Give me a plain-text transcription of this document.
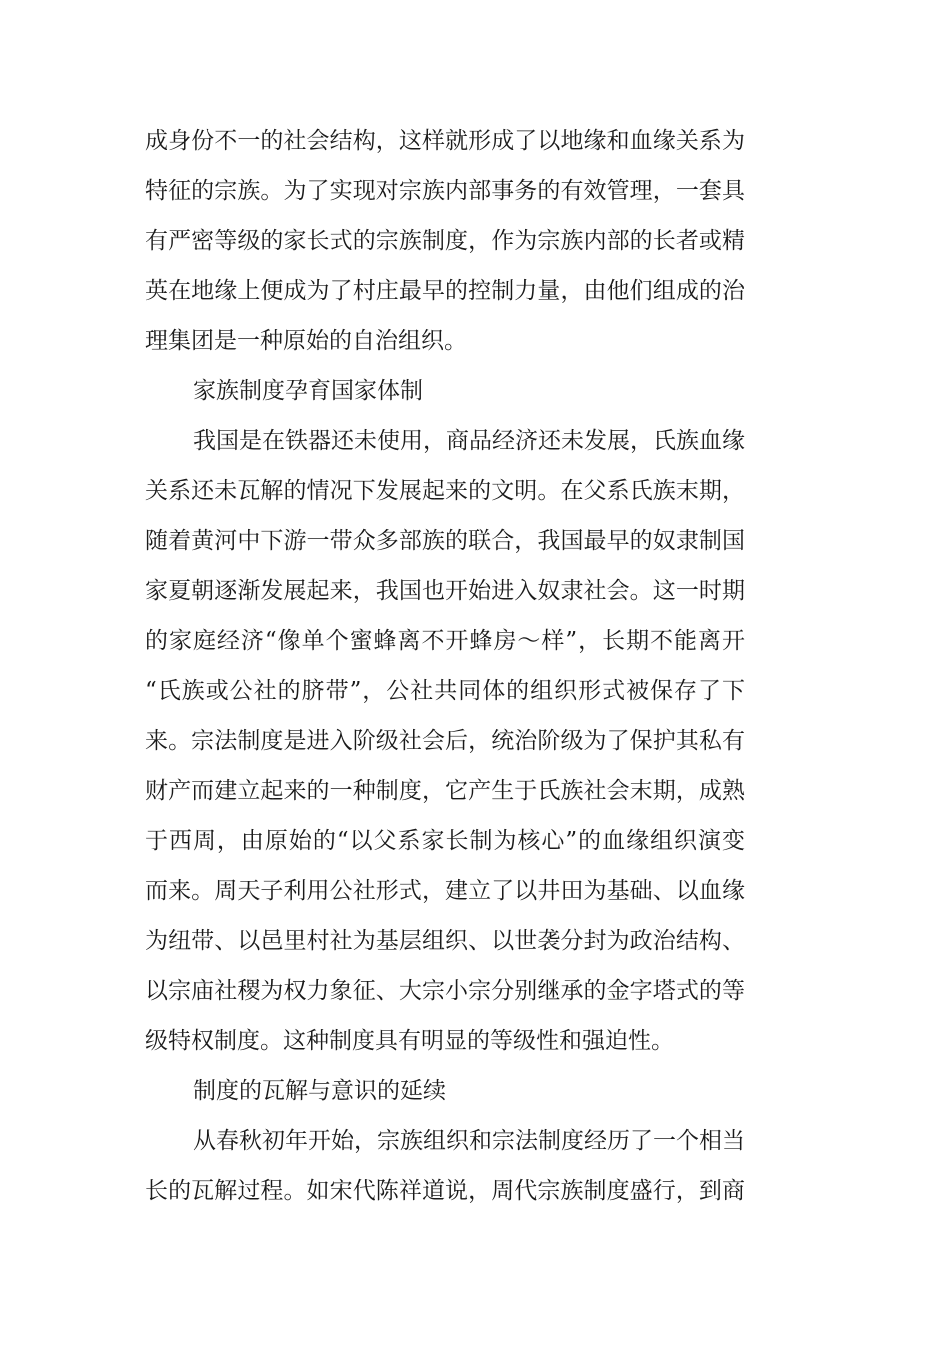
成身份不一的社会结构，这样就形成了以地缘和血缘关系为
特征的宗族。为了实现对宗族内部事务的有效管理，一套具
有严密等级的家长式的宗族制度，作为宗族内部的长者或精
英在地缘上便成为了村庄最早的控制力量，由他们组成的治
理集团是一种原始的自治组织。
家族制度孕育国家体制
我国是在铁器还未使用，商品经济还未发展，氏族血缘
关系还未瓦解的情况下发展起来的文明。在父系氏族末期，
随着黄河中下游一带众多部族的联合，我国最早的奴隶制国
家夏朝逐渐发展起来，我国也开始进入奴隶社会。这一时期
的家庭经济“像单个蜜蜂离不开蜂房～样”，长期不能离开
“氏族或公社的脐带”，公社共同体的组织形式被保存了下
来。宗法制度是进入阶级社会后，统治阶级为了保护其私有
财产而建立起来的一种制度，它产生于氏族社会末期，成熟
于西周，由原始的“以父系家长制为核心”的血缘组织演变
而来。周天子利用公社形式，建立了以井田为基础、以血缘
为纽带、以邑里村社为基层组织、以世袭分封为政治结构、
以宗庙社稷为权力象征、大宗小宗分别继承的金字塔式的等
级特权制度。这种制度具有明显的等级性和强迫性。
制度的瓦解与意识的延续
从春秋初年开始，宗族组织和宗法制度经历了一个相当
长的瓦解过程。如宋代陈祥道说，周代宗族制度盛行，到商
